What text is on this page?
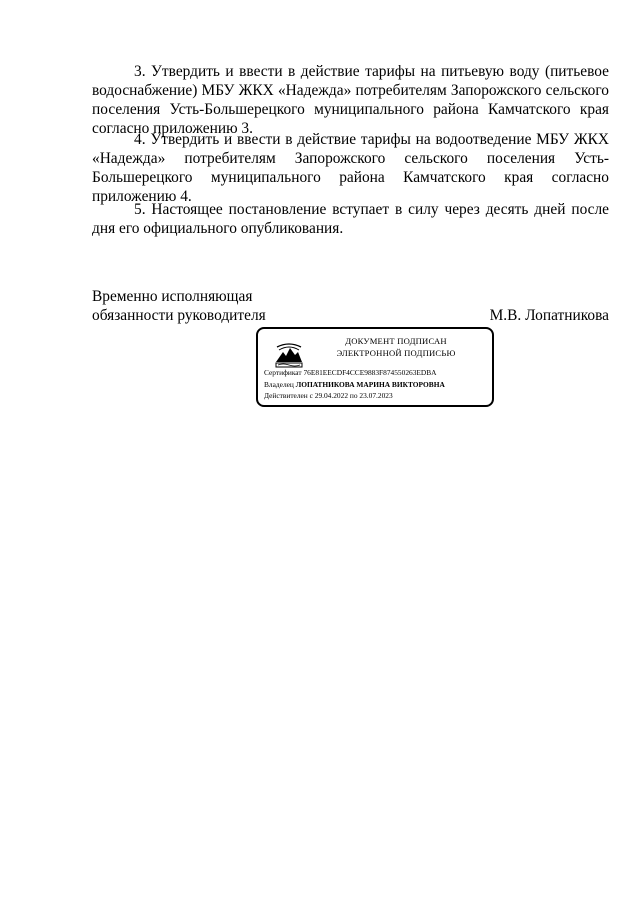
3. Утвердить и ввести в действие тарифы на питьевую воду (питьевое водоснабжение) МБУ ЖКХ «Надежда» потребителям Запорожского сельского поселения Усть-Большерецкого муниципального района Камчатского края согласно приложению 3.

4. Утвердить и ввести в действие тарифы на водоотведение МБУ ЖКХ «Надежда» потребителям Запорожского сельского поселения Усть-Большерецкого муниципального района Камчатского края согласно приложению 4.

5. Настоящее постановление вступает в силу через десять дней после дня его официального опубликования.

Временно исполняющая
обязанности руководителя	М.В. Лопатникова
ДОКУМЕНТ ПОДПИСАН
ЭЛЕКТРОННОЙ ПОДПИСЬЮ
Сертификат 76E81EECDF4CCE9883F874550263EDBA
Владелец ЛОПАТНИКОВА МАРИНА ВИКТОРОВНА
Действителен с 29.04.2022 по 23.07.2023
